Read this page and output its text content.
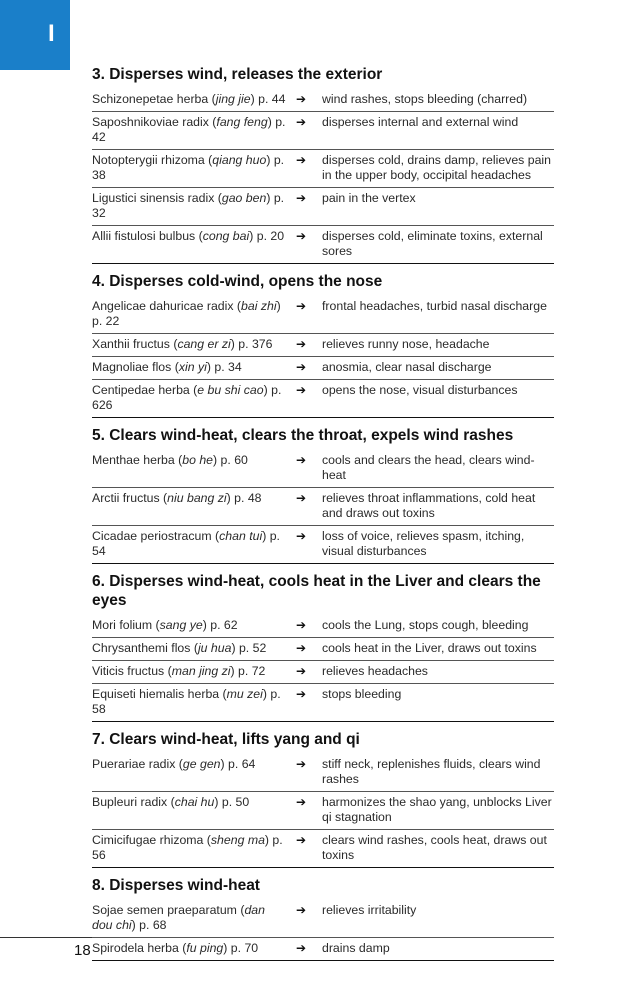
I
3. Disperses wind, releases the exterior
Schizonepetae herba (jing jie) p. 44 ➔	wind rashes, stops bleeding (charred)
Saposhnikoviae radix (fang feng) p. 42
➔	disperses internal and external wind
Notopterygii rhizoma (qiang huo) p. 38
➔	disperses cold, drains damp, relieves pain in the upper body, occipital headaches
Ligustici sinensis radix (gao ben) p. 32
➔	pain in the vertex
Allii fistulosi bulbus (cong bai) p. 20 ➔	disperses cold, eliminate toxins, external sores
4. Disperses cold-wind, opens the nose
Angelicae dahuricae radix (bai zhi) p. 22
➔	frontal headaches, turbid nasal discharge
Xanthii fructus (cang er zi) p. 376	➔	relieves runny nose, headache
Magnoliae flos (xin yi) p. 34	➔	anosmia, clear nasal discharge
Centipedae herba (e bu shi cao) p. 626
➔	opens the nose, visual disturbances
5. Clears wind-heat, clears the throat, expels wind rashes
Menthae herba (bo he) p. 60	➔	cools and clears the head, clears wind-heat
Arctii fructus (niu bang zi) p. 48	➔	relieves throat inflammations, cold heat and draws out toxins
Cicadae periostracum (chan tui) p. 54
➔	loss of voice, relieves spasm, itching, visual disturbances
6. Disperses wind-heat, cools heat in the Liver and clears the eyes
Mori folium (sang ye) p. 62	➔	cools the Lung, stops cough, bleeding
Chrysanthemi flos (ju hua) p. 52	➔	cools heat in the Liver, draws out toxins
Viticis fructus (man jing zi) p. 72	➔	relieves headaches
Equiseti hiemalis herba (mu zei) p. 58
➔	stops bleeding
7. Clears wind-heat, lifts yang and qi
Puerariae radix (ge gen) p. 64	➔	stiff neck, replenishes fluids, clears wind rashes
Bupleuri radix (chai hu) p. 50	➔	harmonizes the shao yang, unblocks Liver qi stagnation
Cimicifugae rhizoma (sheng ma) p. 56
➔	clears wind rashes, cools heat, draws out toxins
8. Disperses wind-heat
Sojae semen praeparatum (dan dou chi) p. 68
➔	relieves irritability
Spirodela herba (fu ping) p. 70	➔	drains damp
18
